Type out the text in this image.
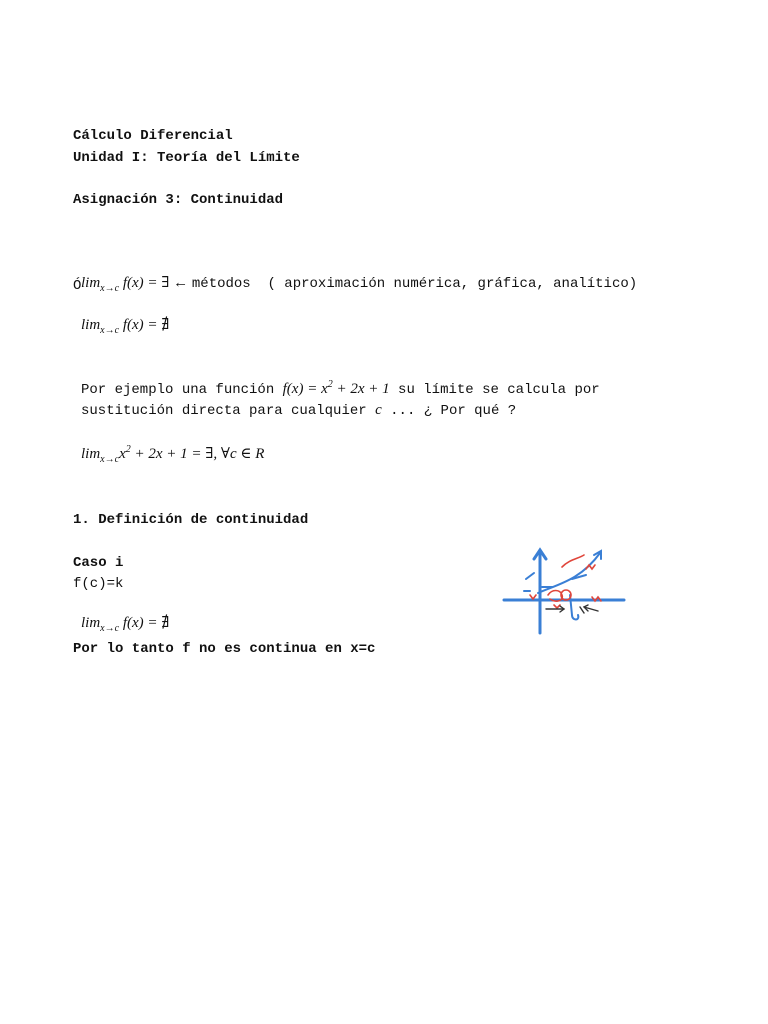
Cálculo Diferencial
Unidad I: Teoría del Límite
Asignación 3: Continuidad

$\lim_{x\to c} f(x)$ = ∃ ← métodos  ( aproximación numérica, gráfica, analítico)

Ó

$\lim_{x\to c} f(x)$ = ∄

Por ejemplo una función $f(x) = x^2 + 2x + 1$ su límite se calcula por

sustitución directa para cualquier c ... ¿ Por qué ?

$\lim_{x\to c}x^2 + 2x + 1$ = ∃, ∀c ∈ R

1. Definición de continuidad
Caso i
f(c)=k

$\lim_{x\to c} f(x)$ = ∄

Por lo tanto f no es continua en x=c
